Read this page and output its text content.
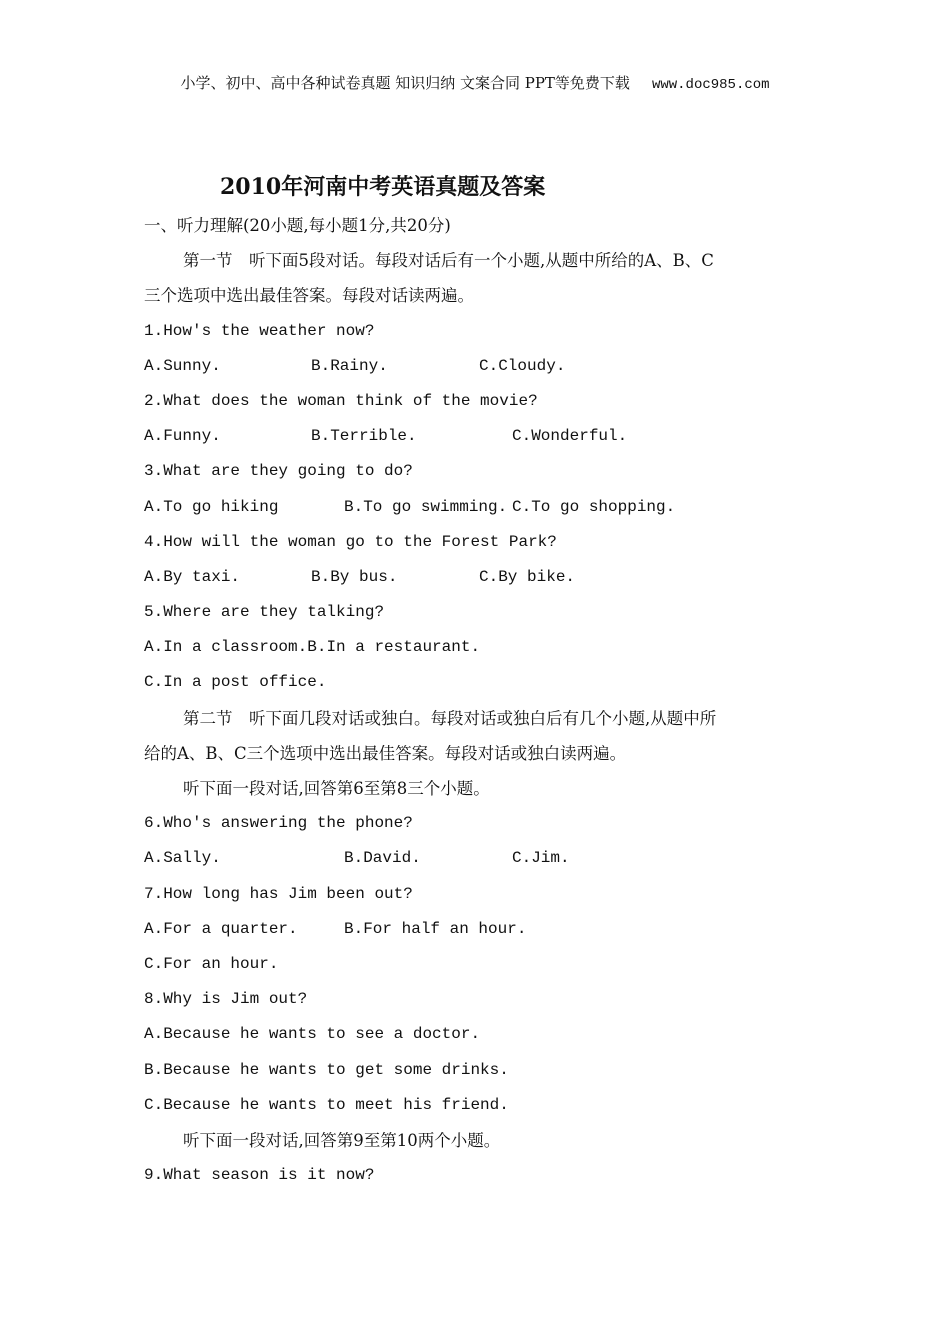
小学、初中、高中各种试卷真题 知识归纳 文案合同 PPT等免费下载 www.doc985.com
2010年河南中考英语真题及答案
一、听力理解(20小题,每小题1分,共20分)
第一节　听下面5段对话。每段对话后有一个小题,从题中所给的A、B、C
三个选项中选出最佳答案。每段对话读两遍。
1.How's the weather now?
A.Sunny.	B.Rainy.	C.Cloudy.
2.What does the woman think of the movie?
A.Funny.	B.Terrible.	C.Wonderful.
3.What are they going to do?
A.To go hiking	B.To go swimming. C.To go shopping.
4.How will the woman go to the Forest Park?
A.By taxi.	B.By bus.	C.By bike.
5.Where are they talking?
A.In a classroom. B.In a restaurant.
C.In a post office.
第二节　听下面几段对话或独白。每段对话或独白后有几个小题,从题中所
给的A、B、C三个选项中选出最佳答案。每段对话或独白读两遍。
听下面一段对话,回答第6至第8三个小题。
6.Who's answering the phone?
A.Sally.	B.David.	C.Jim.
7.How long has Jim been out?
A.For a quarter.	B.For half an hour.
C.For an hour.
8.Why is Jim out?
A.Because he wants to see a doctor.
B.Because he wants to get some drinks.
C.Because he wants to meet his friend.
听下面一段对话,回答第9至第10两个小题。
9.What season is it now?
